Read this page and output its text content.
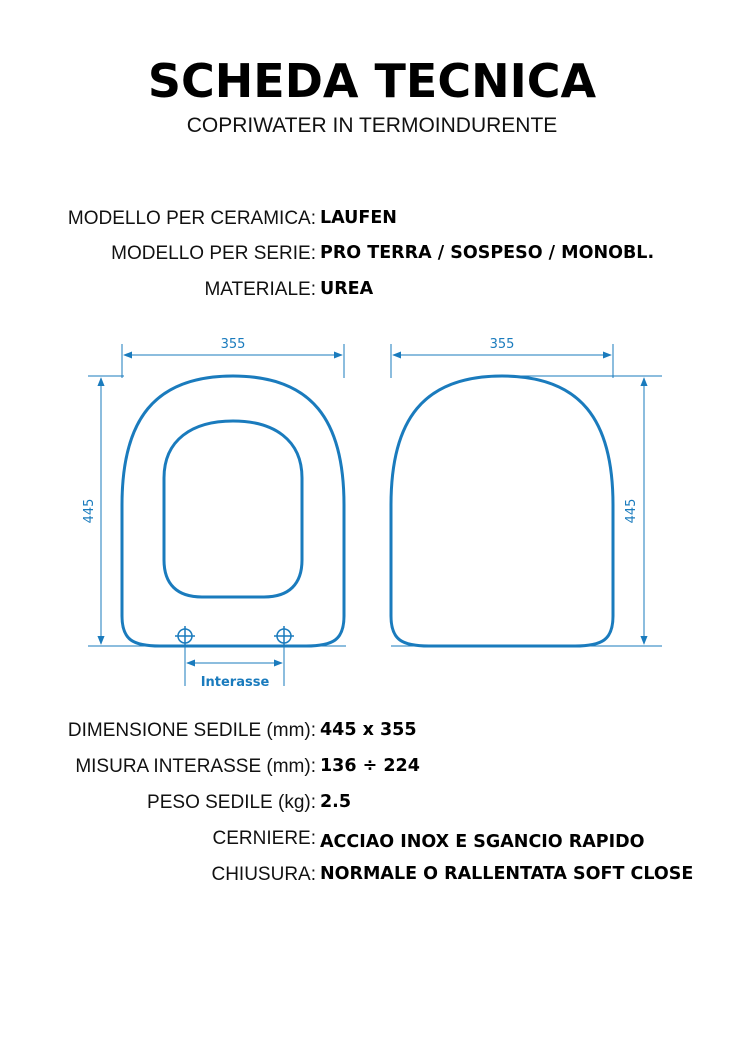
SCHEDA TECNICA
COPRIWATER IN TERMOINDURENTE
MODELLO PER CERAMICA: LAUFEN
MODELLO PER SERIE: PRO TERRA / SOSPESO / MONOBL.
MATERIALE: UREA
355
445
Interasse
355
445
DIMENSIONE SEDILE (mm): 445 x 355
MISURA INTERASSE (mm): 136 ÷ 224
PESO SEDILE (kg): 2.5
CERNIERE: ACCIAO INOX E SGANCIO RAPIDO
CHIUSURA: NORMALE O RALLENTATA SOFT CLOSE
